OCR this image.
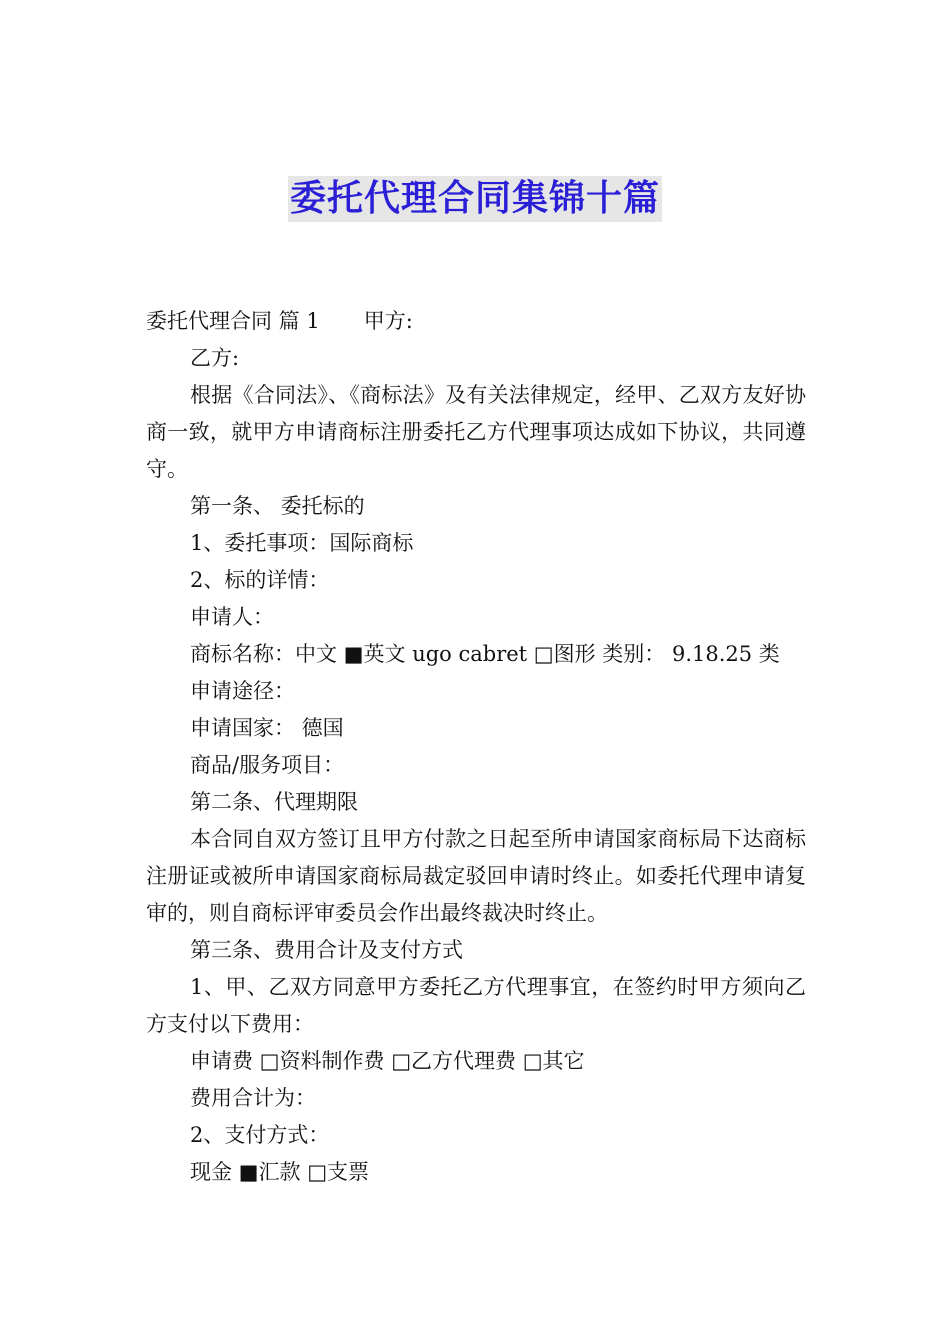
委托代理合同集锦十篇

委托代理合同 篇 1 甲方:

乙方:

根据《合同法》、《商标法》及有关法律规定，经甲、乙双方友好协商一致，就甲方申请商标注册委托乙方代理事项达成如下协议，共同遵守。

第一条、 委托标的

1、委托事项：国际商标

2、标的详情：

申请人：

商标名称：中文 ■英文 ugo cabret □图形 类别： 9.18.25 类

申请途径：

申请国家： 德国

商品/服务项目：

第二条、代理期限

本合同自双方签订且甲方付款之日起至所申请国家商标局下达商标注册证或被所申请国家商标局裁定驳回申请时终止。如委托代理申请复审的，则自商标评审委员会作出最终裁决时终止。

第三条、费用合计及支付方式

1、甲、乙双方同意甲方委托乙方代理事宜，在签约时甲方须向乙方支付以下费用：

申请费 □资料制作费 □乙方代理费 □其它

费用合计为：

2、支付方式：

现金 ■汇款 □支票
